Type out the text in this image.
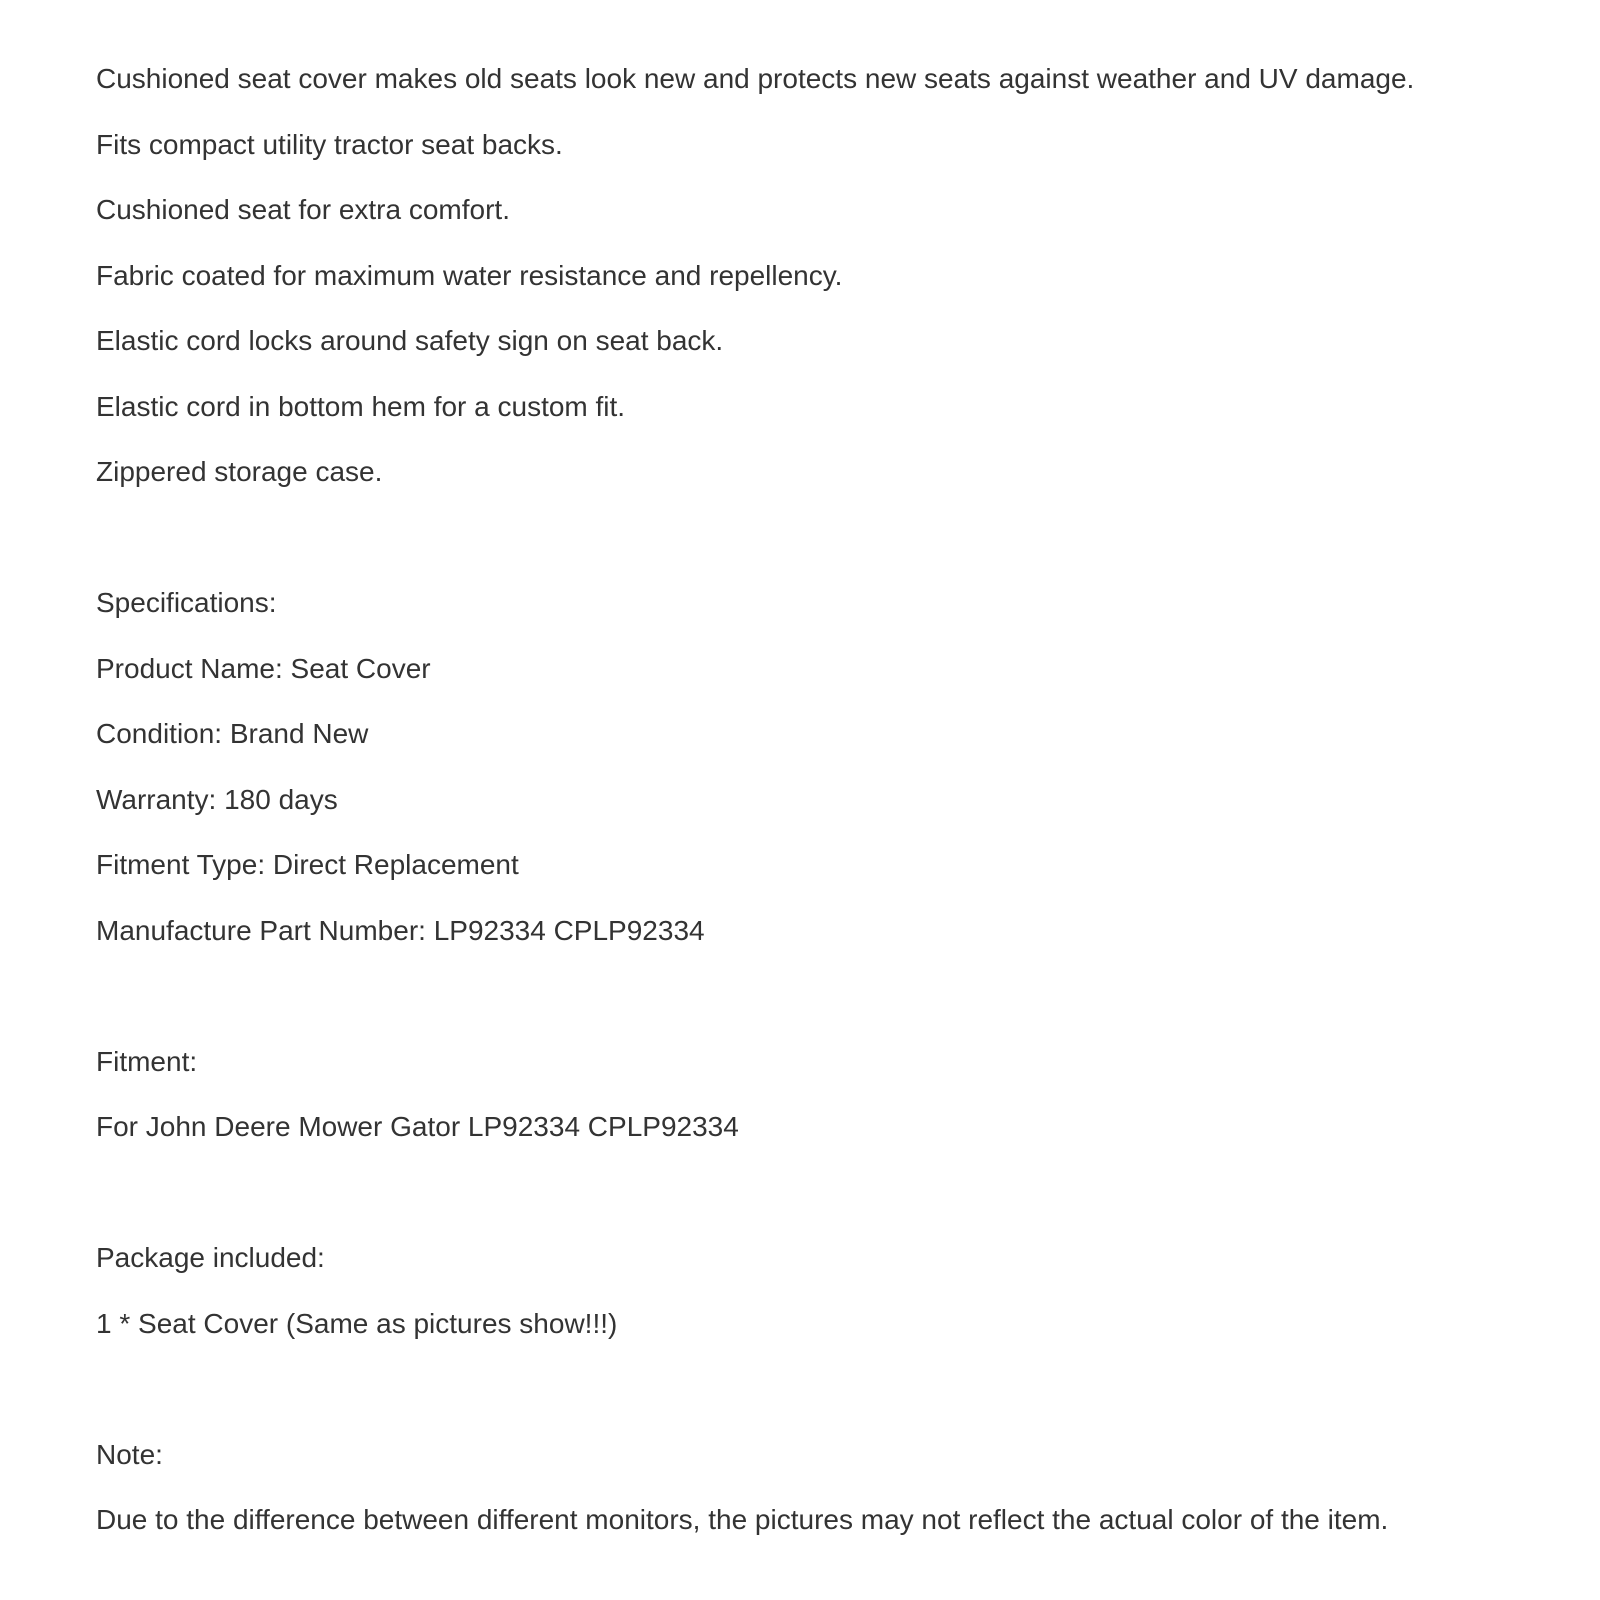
Cushioned seat cover makes old seats look new and protects new seats against weather and UV damage.
Fits compact utility tractor seat backs.
Cushioned seat for extra comfort.
Fabric coated for maximum water resistance and repellency.
Elastic cord locks around safety sign on seat back.
Elastic cord in bottom hem for a custom fit.
Zippered storage case.
Specifications:
Product Name: Seat Cover
Condition: Brand New
Warranty: 180 days
Fitment Type: Direct Replacement
Manufacture Part Number: LP92334 CPLP92334
Fitment:
For John Deere Mower Gator LP92334 CPLP92334
Package included:
1 * Seat Cover (Same as pictures show!!!)
Note:
Due to the difference between different monitors, the pictures may not reflect the actual color of the item.
